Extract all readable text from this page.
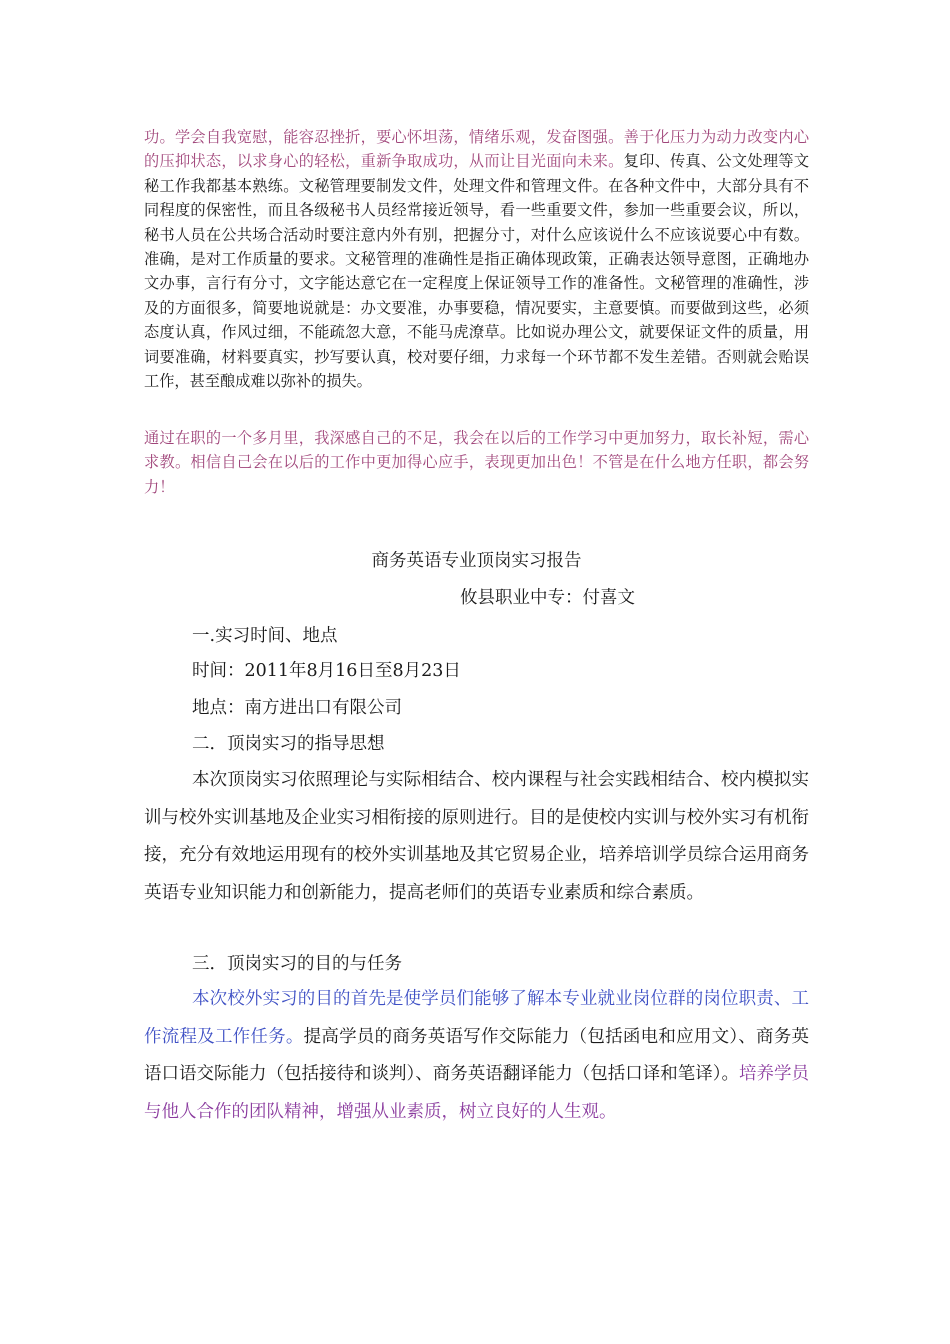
功。学会自我宽慰，能容忍挫折，要心怀坦荡，情绪乐观，发奋图强。善于化压力为动力改变内心的压抑状态，以求身心的轻松，重新争取成功，从而让目光面向未来。复印、传真、公文处理等文秘工作我都基本熟练。文秘管理要制发文件，处理文件和管理文件。在各种文件中，大部分具有不同程度的保密性，而且各级秘书人员经常接近领导，看一些重要文件，参加一些重要会议，所以，秘书人员在公共场合活动时要注意内外有别，把握分寸，对什么应该说什么不应该说要心中有数。准确，是对工作质量的要求。文秘管理的准确性是指正确体现政策，正确表达领导意图，正确地办文办事，言行有分寸，文字能达意它在一定程度上保证领导工作的准备性。文秘管理的准确性，涉及的方面很多，简要地说就是：办文要准，办事要稳，情况要实，主意要慎。而要做到这些，必须态度认真，作风过细，不能疏忽大意，不能马虎潦草。比如说办理公文，就要保证文件的质量，用词要准确，材料要真实，抄写要认真，校对要仔细，力求每一个环节都不发生差错。否则就会贻误工作，甚至酿成难以弥补的损失。

通过在职的一个多月里，我深感自己的不足，我会在以后的工作学习中更加努力，取长补短，需心求教。相信自己会在以后的工作中更加得心应手，表现更加出色！不管是在什么地方任职，都会努力！

商务英语专业顶岗实习报告

攸县职业中专：付喜文

一.实习时间、地点

时间：2011年8月16日至8月23日

地点：南方进出口有限公司

二．顶岗实习的指导思想

本次顶岗实习依照理论与实际相结合、校内课程与社会实践相结合、校内模拟实训与校外实训基地及企业实习相衔接的原则进行。目的是使校内实训与校外实习有机衔接，充分有效地运用现有的校外实训基地及其它贸易企业，培养培训学员综合运用商务英语专业知识能力和创新能力，提高老师们的英语专业素质和综合素质。

三．顶岗实习的目的与任务

本次校外实习的目的首先是使学员们能够了解本专业就业岗位群的岗位职责、工作流程及工作任务。提高学员的商务英语写作交际能力（包括函电和应用文）、商务英语口语交际能力（包括接待和谈判）、商务英语翻译能力（包括口译和笔译）。培养学员与他人合作的团队精神，增强从业素质，树立良好的人生观。
